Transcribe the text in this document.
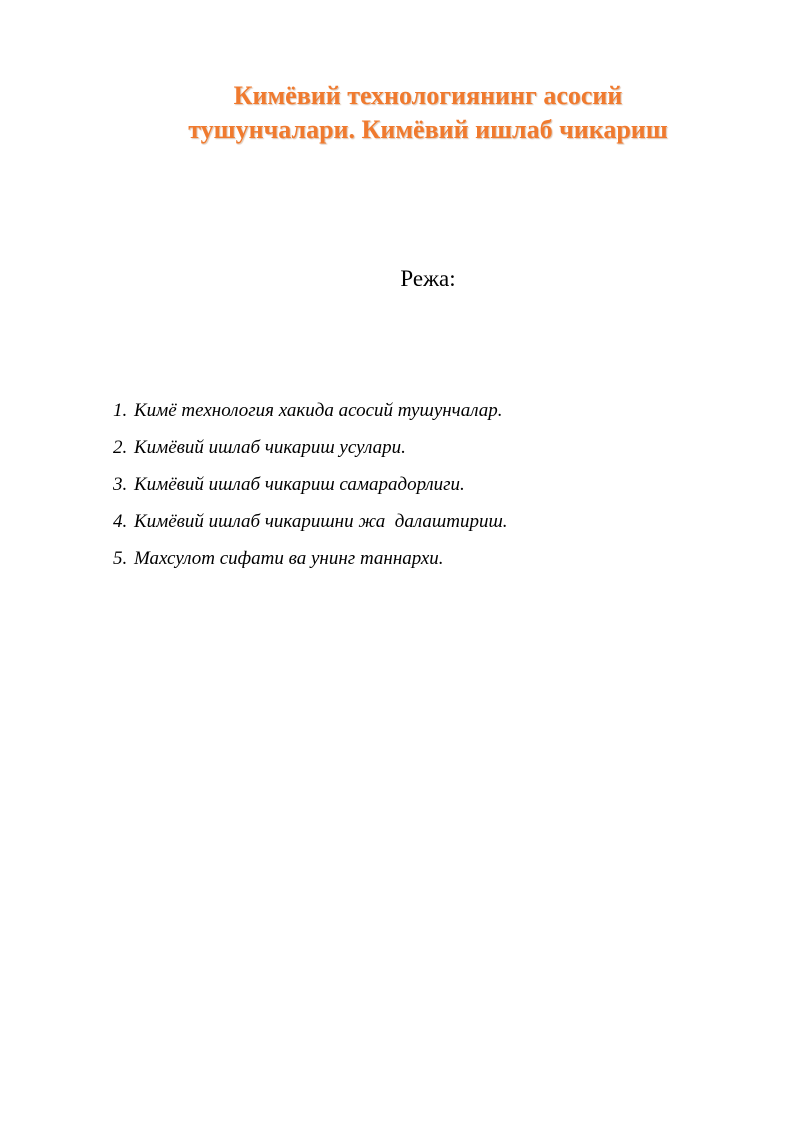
Кимёвий технологиянинг асосий
тушунчалари. Кимёвий ишлаб чикариш
Режа:
1. Кимё технология хакида асосий тушунчалар.
2. Кимёвий ишлаб чикариш усулари.
3. Кимёвий ишлаб чикариш самарадорлиги.
4. Кимёвий ишлаб чикаришни жа  далаштириш.
5. Махсулот сифати ва унинг таннархи.
